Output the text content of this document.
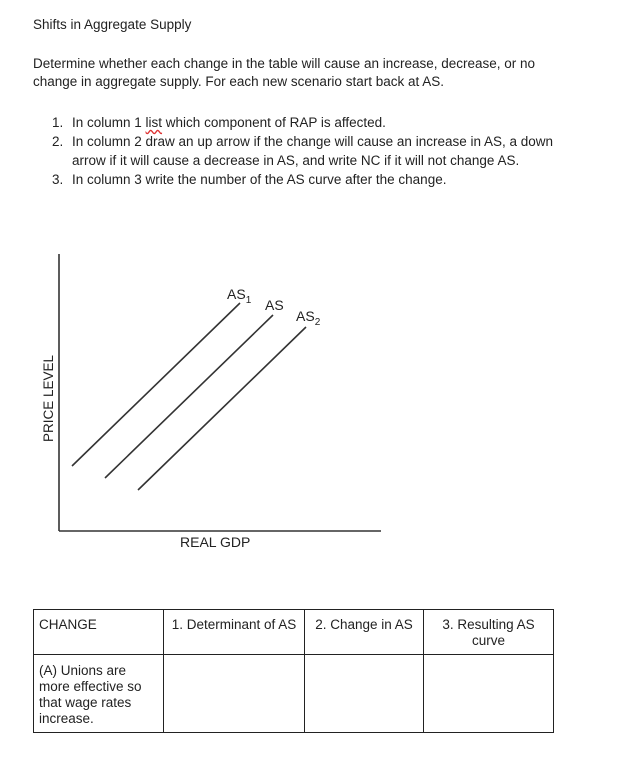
Shifts in Aggregate Supply
Determine whether each change in the table will cause an increase, decrease, or no change in aggregate supply. For each new scenario start back at AS.
1. In column 1 list which component of RAP is affected.
2. In column 2 draw an up arrow if the change will cause an increase in AS, a down arrow if it will cause a decrease in AS, and write NC if it will not change AS.
3. In column 3 write the number of the AS curve after the change.
$AS_1$ AS
$AS_2$
PRICE LEVEL
REAL GDP
CHANGE	1. Determinant of AS	2. Change in AS	3. Resulting AS curve

(A) Unions are more effective so that wage rates increase.			
